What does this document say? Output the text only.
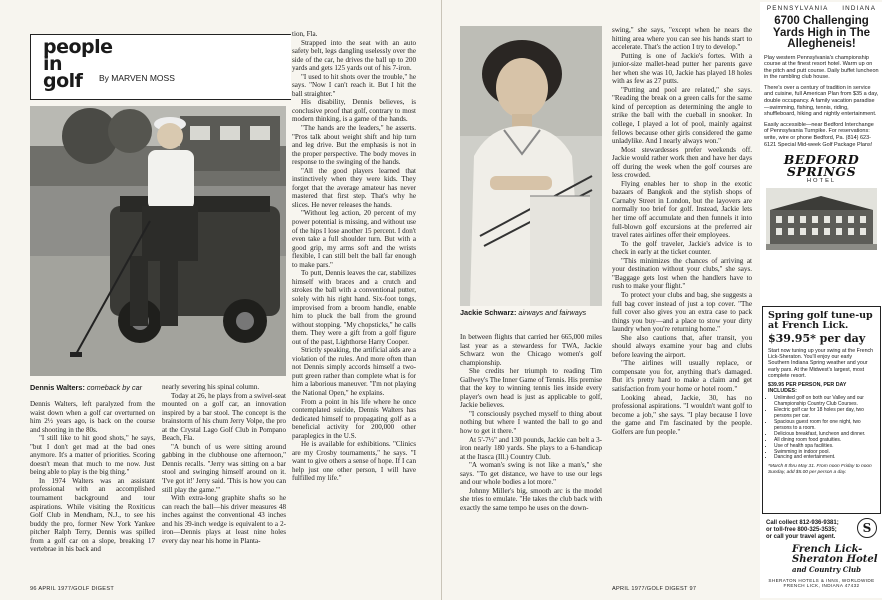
people in golf	By MARVEN MOSS
Dennis Walters: comeback by car

Dennis Walters, left paralyzed from the waist down when a golf car overturned on him 2½ years ago, is back on the course and shooting in the 80s.

"I still like to hit good shots," he says, "but I don't get mad at the bad ones anymore. It's a matter of priorities. Scoring doesn't mean that much to me now. Just being able to play is the big thing."

In 1974 Walters was an assistant professional with an accomplished tournament background and tour aspirations. While visiting the Roxiticus Golf Club in Mendham, N.J., to see his buddy the pro, former New York Yankee pitcher Ralph Terry, Dennis was spilled from a golf car on a slope, breaking 17 vertebrae in his back and

nearly severing his spinal column.

Today at 26, he plays from a swivel-seat mounted on a golf car, an innovation inspired by a bar stool. The concept is the brainstorm of his chum Jerry Volpe, the pro at the Crystal Lago Golf Club in Pompano Beach, Fla.

"A bunch of us were sitting around gabbing in the clubhouse one afternoon," Dennis recalls. "Jerry was sitting on a bar stool and swinging himself around on it. 'I've got it!' Jerry said. 'This is how you can still play the game.'"

With extra-long graphite shafts so he can reach the ball—his driver measures 48 inches against the conventional 43 inches and his 39-inch wedge is equivalent to a 2-iron—Dennis plays at least nine holes every day near his home in Planta-

tion, Fla.

Strapped into the seat with an auto safety belt, legs dangling uselessly over the side of the car, he drives the ball up to 200 yards and gets 125 yards out of his 7-iron.

"I used to hit shots over the trouble," he says. "Now I can't reach it. But I hit the ball straighter."

His disability, Dennis believes, is conclusive proof that golf, contrary to most modern thinking, is a game of the hands.

"The hands are the leaders," he asserts. "Pros talk about weight shift and hip turn and leg drive. But the emphasis is not in the proper perspective. The body moves in response to the swinging of the hands.

"All the good players learned that instinctively when they were kids. They forget that the average amateur has never mastered that first step. That's why he slices. He never releases the hands.

"Without leg action, 20 percent of my power potential is missing, and without use of the hips I lose another 15 percent. I don't even take a full shoulder turn. But with a good grip, my arms soft and the wrists flexible, I can still belt the ball far enough to make pars."

To putt, Dennis leaves the car, stabilizes himself with braces and a crutch and strokes the ball with a conventional putter, solely with his right hand. Six-foot tongs, improvised from a broom handle, enable him to pluck the ball from the ground without stopping. "My chopsticks," he calls them. They were a gift from a golf figure out of the past, Lighthorse Harry Cooper.

Strictly speaking, the artificial aids are a violation of the rules. And more often than not Dennis simply accords himself a two-putt green rather than complete what is for him a laborious maneuver. "I'm not playing the National Open," he explains.

From a point in his life where he once contemplated suicide, Dennis Walters has dedicated himself to propagating golf as a beneficial activity for 200,000 other paraplegics in the U.S.

He is available for exhibitions. "Clinics are my Crosby tournaments," he says. "I want to give others a sense of hope. If I can help just one other person, I will have fulfilled my life."

96 APRIL 1977/GOLF DIGEST
Jackie Schwarz: airways and fairways

In between flights that carried her 665,000 miles last year as a stewardess for TWA, Jackie Schwarz won the Chicago women's golf championship.

She credits her triumph to reading Tim Gallwey's The Inner Game of Tennis. His premise that the key to winning tennis lies inside every player's own head is just as applicable to golf, Jackie believes.

"I consciously psyched myself to thing about nothing but where I wanted the ball to go and how to get it there."

At 5'-7½" and 130 pounds, Jackie can belt a 3-iron nearly 180 yards. She plays to a 6-handicap at the Itasca (Ill.) Country Club.

"A woman's swing is not like a man's," she says. "To get distance, we have to use our legs and our whole bodies a lot more."

Johnny Miller's big, smooth arc is the model she tries to emulate. "He takes the club back with exactly the same tempo he uses on the down-

swing," she says, "except when he nears the hitting area where you can see his hands start to accelerate. That's the action I try to develop."

Putting is one of Jackie's fortes. With a junior-size mallet-head putter her parents gave her when she was 10, Jackie has played 18 holes with as few as 27 putts.

"Putting and pool are related," she says. "Reading the break on a green calls for the same kind of perception as determining the angle to strike the ball with the cueball in snooker. In college, I played a lot of pool, mainly against fellows because other girls considered the game unladylike. And I nearly always won."

Most stewardesses prefer weekends off. Jackie would rather work then and have her days off during the week when the golf courses are less crowded.

Flying enables her to shop in the exotic bazaars of Bangkok and the stylish shops of Carnaby Street in London, but the layovers are normally too brief for golf. Instead, Jackie lets her time off accumulate and then funnels it into full-blown golf excursions at the preferred air travel rates airlines offer their employees.

To the golf traveler, Jackie's advice is to check in early at the ticket counter.

"This minimizes the chances of arriving at your destination without your clubs," she says. "Baggage gets lost when the handlers have to rush to make your flight."

To protect your clubs and bag, she suggests a full bag cover instead of just a top cover. "The full cover also gives you an extra case to pack things you buy—and a place to stow your dirty laundry when you're returning home."

She also cautions that, after transit, you should always examine your bag and clubs before leaving the airport.

"The airlines will usually replace, or compensate you for, anything that's damaged. But it's pretty hard to make a claim and get satisfaction from your home or hotel room."

Looking ahead, Jackie, 30, has no professional aspirations. "I wouldn't want golf to become a job," she says. "I play because I love the game and I'm fascinated by the people. Golfers are fun people."

APRIL 1977/GOLF DIGEST 97
PENNSYLVANIA INDIANA
6700 Challenging Yards High in The Allegheneis!
Play western Pennsylvania's championship course at the finest resort hotel. Warm up on the pitch and putt course. Daily buffet luncheon in the rambling club house.
There's over a century of tradition in service and cuisine, full American Plan from $35 a day, double occupancy. A family vacation paradise—swimming, fishing, tennis, riding, shuffleboard, hiking and nightly entertainment.
Easily accessible—near Bedford Interchange of Pennsylvania Turnpike. For reservations: write, wire or phone Bedford, Pa. (814) 623-6121 Special Mid-week Golf Package Plans!
BEDFORD
SPRINGS
HOTEL
Spring golf tune-up at French Lick.
$39.95* per day
Start now tuning up your swing at the French Lick-Sheraton. You'll enjoy our early Southern Indiana Spring weather and your early pars. At the Midwest's largest, most complete resort.
$39.95 PER PERSON, PER DAY INCLUDES:
• Unlimited golf on both our Valley and our Championship Country Club Courses.
• Electric golf car for 18 holes per day, two persons per car.
• Spacious guest room for one night, two persons to a room.
• Delicious breakfast, luncheon and dinner.
• All dining room food gratuities.
• Use of health spa facilities.
• Swimming in indoor pool.
• Dancing and entertainment.
*March 8 thru May 31. From noon Friday to noon Sunday, add $5.00 per person a day.
S
Call collect 812-936-9381;
or toll-free 800-325-3535;
or call your travel agent.
French Lick-
Sheraton Hotel
and Country Club
SHERATON HOTELS & INNS, WORLDWIDE
FRENCH LICK, INDIANA 47432
